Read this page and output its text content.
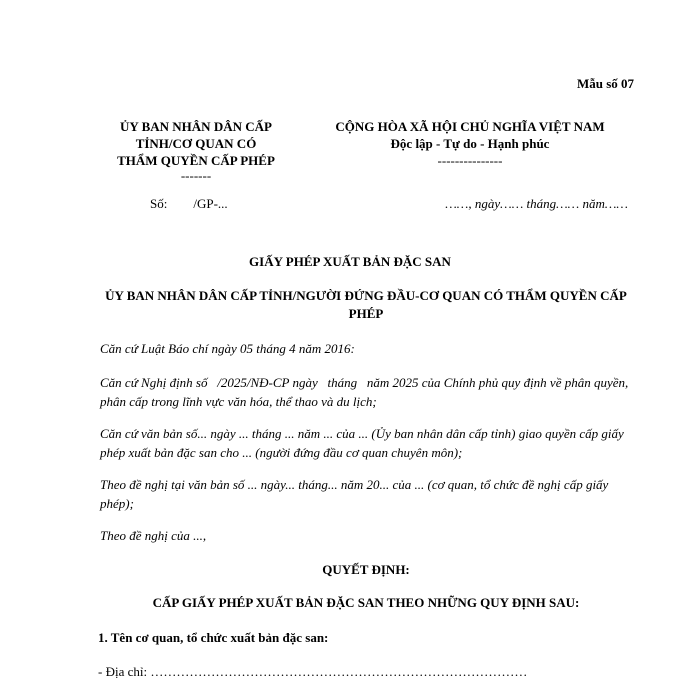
Mẫu số 07
ỦY BAN NHÂN DÂN CẤP
TỈNH/CƠ QUAN CÓ
THẨM QUYỀN CẤP PHÉP
-------
CỘNG HÒA XÃ HỘI CHỦ NGHĨA VIỆT NAM
Độc lập - Tự do - Hạnh phúc
---------------
Số:        /GP-...	……, ngày…… tháng…… năm……
GIẤY PHÉP XUẤT BẢN ĐẶC SAN
ỦY BAN NHÂN DÂN CẤP TỈNH/NGƯỜI ĐỨNG ĐẦU-CƠ QUAN CÓ THẨM QUYỀN CẤP PHÉP
Căn cứ Luật Báo chí ngày 05 tháng 4 năm 2016:
Căn cứ Nghị định số   /2025/NĐ-CP ngày   tháng   năm 2025 của Chính phủ quy định về phân quyền, phân cấp trong lĩnh vực văn hóa, thể thao và du lịch;
Căn cứ văn bản số... ngày ... tháng ... năm ... của ... (Ủy ban nhân dân cấp tỉnh) giao quyền cấp giấy phép xuất bản đặc san cho ... (người đứng đầu cơ quan chuyên môn);
Theo đề nghị tại văn bản số ... ngày... tháng... năm 20... của ... (cơ quan, tổ chức đề nghị cấp giấy phép);
Theo đề nghị của ...,
QUYẾT ĐỊNH:
CẤP GIẤY PHÉP XUẤT BẢN ĐẶC SAN THEO NHỮNG QUY ĐỊNH SAU:
1. Tên cơ quan, tổ chức xuất bản đặc san:
- Địa chỉ: ……………………………………………………………………………
